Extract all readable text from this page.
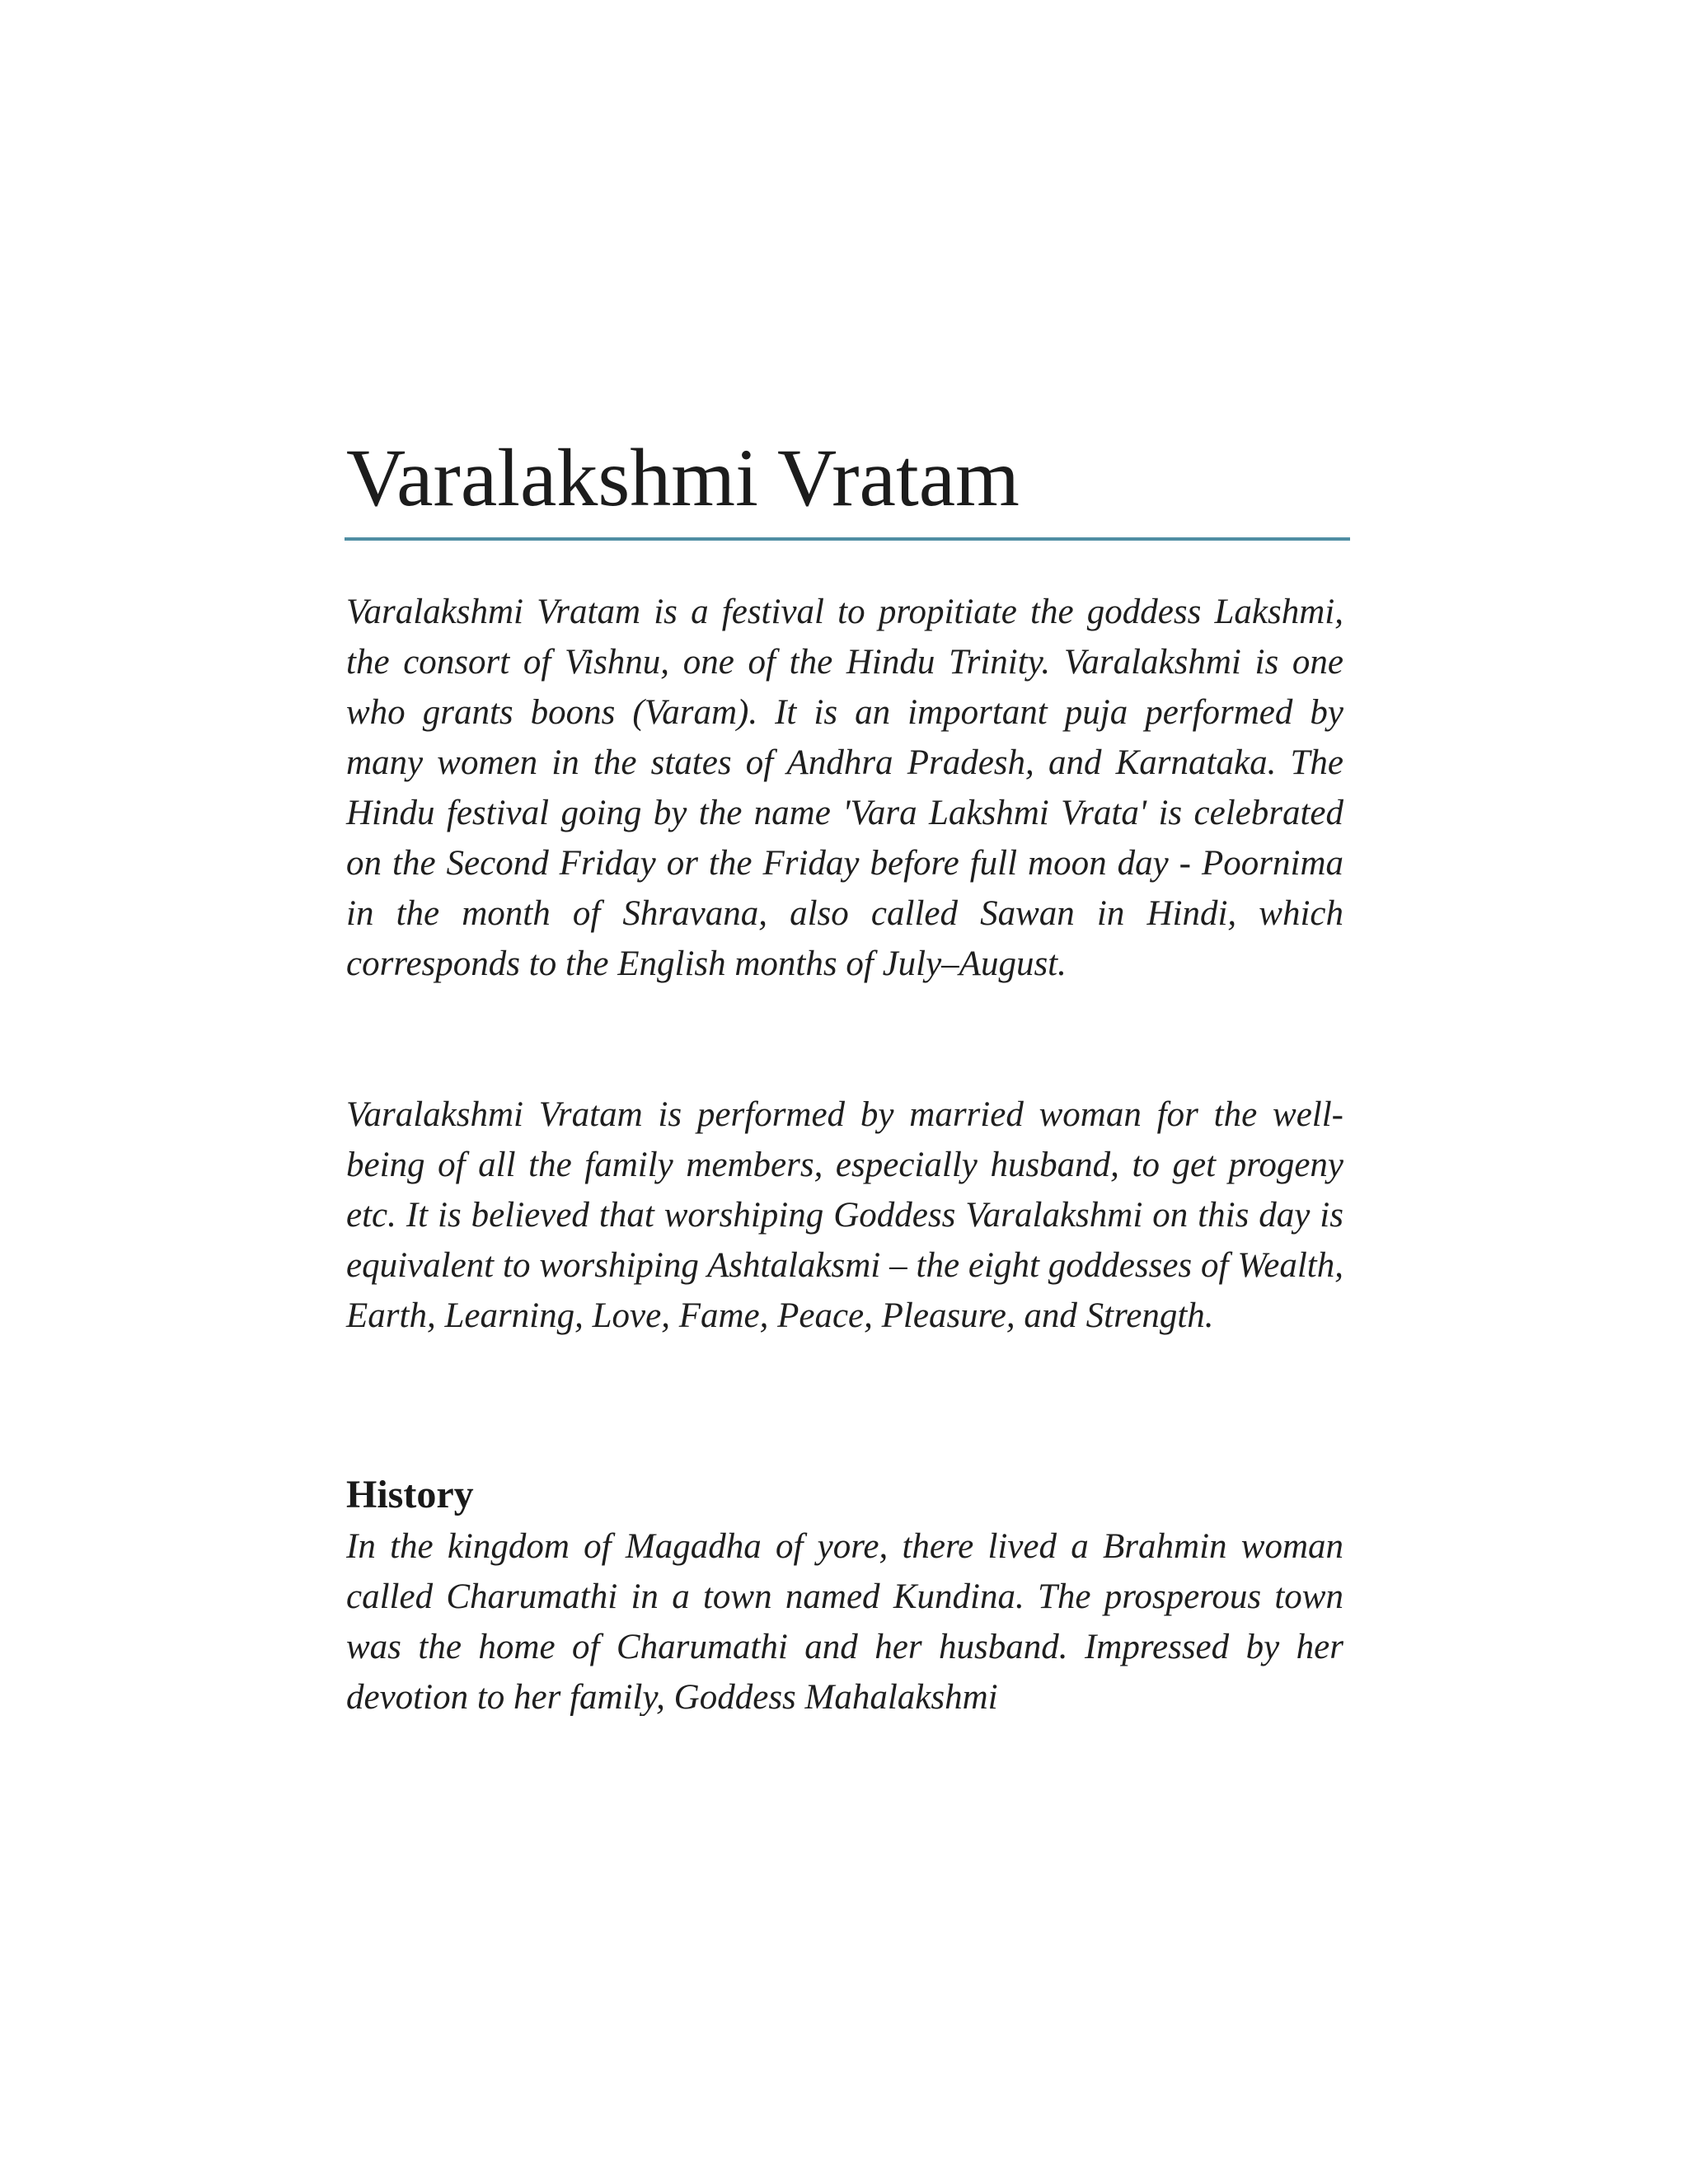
Varalakshmi Vratam

Varalakshmi Vratam is a festival to propitiate the goddess Lakshmi, the consort of Vishnu, one of the Hindu Trinity. Varalakshmi is one who grants boons (Varam). It is an important puja performed by many women in the states of Andhra Pradesh, and Karnataka. The Hindu festival going by the name 'Vara Lakshmi Vrata' is celebrated on the Second Friday or the Friday before full moon day - Poornima in the month of Shravana, also called Sawan in Hindi, which corresponds to the English months of July–August.

Varalakshmi Vratam is performed by married woman for the well-being of all the family members, especially husband, to get progeny etc. It is believed that worshiping Goddess Varalakshmi on this day is equivalent to worshiping Ashtalaksmi – the eight goddesses of Wealth, Earth, Learning, Love, Fame, Peace, Pleasure, and Strength.

History

In the kingdom of Magadha of yore, there lived a Brahmin woman called Charumathi in a town named Kundina. The prosperous town was the home of Charumathi and her husband. Impressed by her devotion to her family, Goddess Mahalakshmi
